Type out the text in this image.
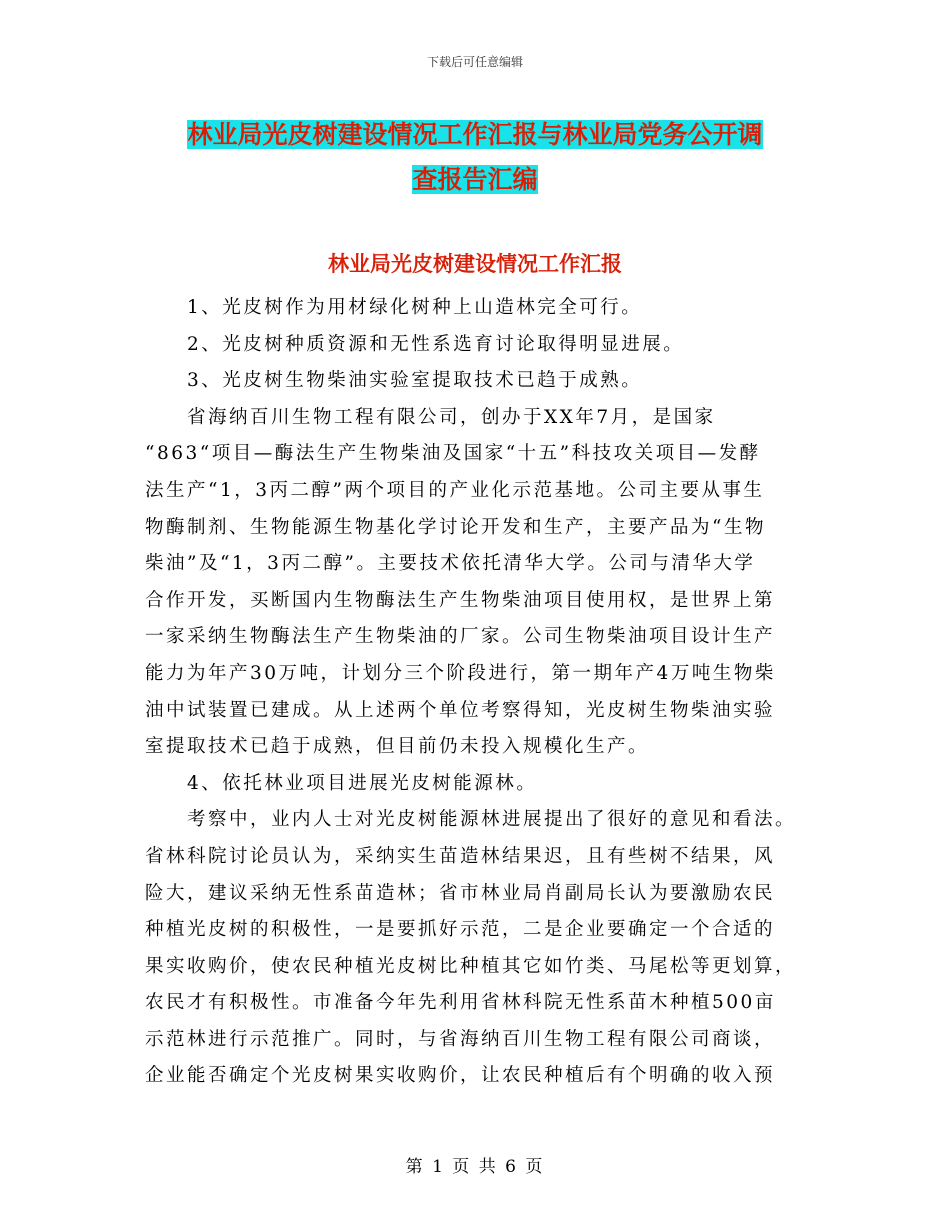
下载后可任意编辑
林业局光皮树建设情况工作汇报与林业局党务公开调
查报告汇编
林业局光皮树建设情况工作汇报
1、光皮树作为用材绿化树种上山造林完全可行。
2、光皮树种质资源和无性系选育讨论取得明显进展。
3、光皮树生物柴油实验室提取技术已趋于成熟。
省海纳百川生物工程有限公司，创办于XX年7月，是国家
“863“项目—酶法生产生物柴油及国家“十五”科技攻关项目—发酵
法生产“1，3丙二醇”两个项目的产业化示范基地。公司主要从事生
物酶制剂、生物能源生物基化学讨论开发和生产，主要产品为“生物
柴油”及“1，3丙二醇”。主要技术依托清华大学。公司与清华大学
合作开发，买断国内生物酶法生产生物柴油项目使用权，是世界上第
一家采纳生物酶法生产生物柴油的厂家。公司生物柴油项目设计生产
能力为年产30万吨，计划分三个阶段进行，第一期年产4万吨生物柴
油中试装置已建成。从上述两个单位考察得知，光皮树生物柴油实验
室提取技术已趋于成熟，但目前仍未投入规模化生产。
4、依托林业项目进展光皮树能源林。
考察中，业内人士对光皮树能源林进展提出了很好的意见和看法。
省林科院讨论员认为，采纳实生苗造林结果迟，且有些树不结果，风
险大，建议采纳无性系苗造林；省市林业局肖副局长认为要激励农民
种植光皮树的积极性，一是要抓好示范，二是企业要确定一个合适的
果实收购价，使农民种植光皮树比种植其它如竹类、马尾松等更划算，
农民才有积极性。市准备今年先利用省林科院无性系苗木种植500亩
示范林进行示范推广。同时，与省海纳百川生物工程有限公司商谈，
企业能否确定个光皮树果实收购价，让农民种植后有个明确的收入预
第 1 页 共 6 页
